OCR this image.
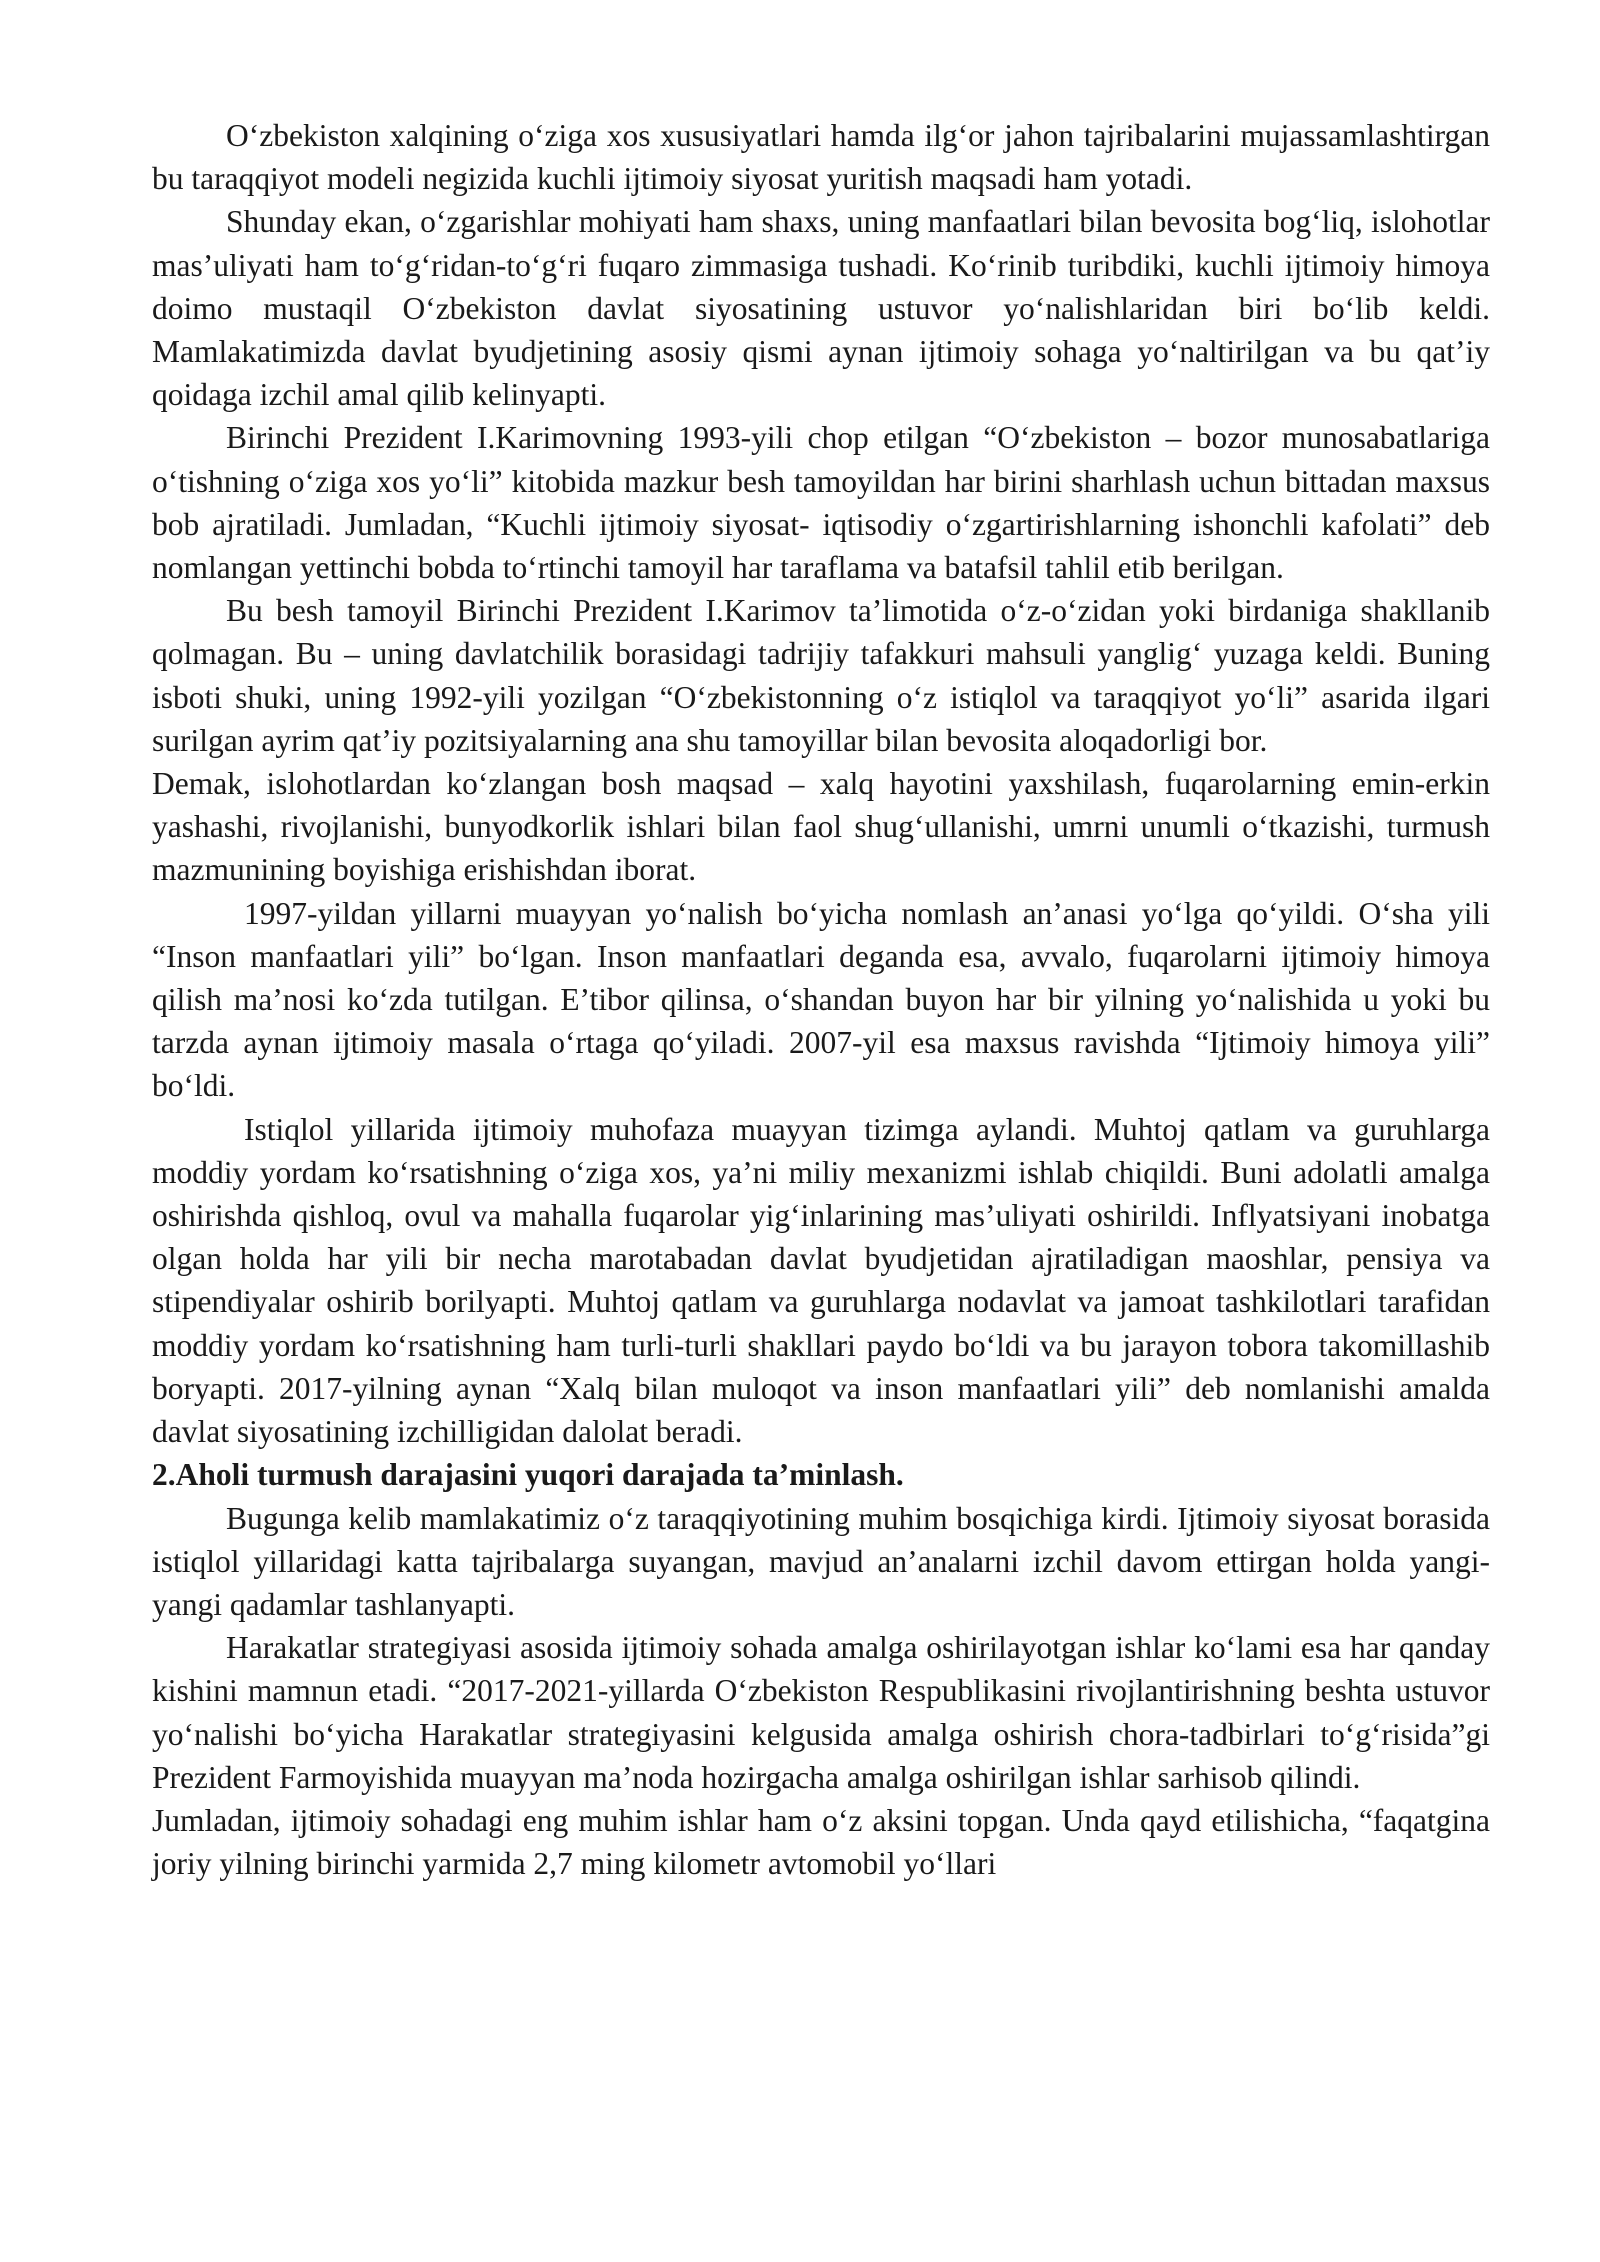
O‘zbekiston xalqining o‘ziga xos xususiyatlari hamda ilg‘or jahon tajribalarini mujassamlashtirgan bu taraqqiyot modeli negizida kuchli ijtimoiy siyosat yuritish maqsadi ham yotadi.

Shunday ekan, o‘zgarishlar mohiyati ham shaxs, uning manfaatlari bilan bevosita bog‘liq, islohotlar mas’uliyati ham to‘g‘ridan-to‘g‘ri fuqaro zimmasiga tushadi. Ko‘rinib turibdiki, kuchli ijtimoiy himoya doimo mustaqil O‘zbekiston davlat siyosatining ustuvor yo‘nalishlaridan biri bo‘lib keldi. Mamlakatimizda davlat byudjetining asosiy qismi aynan ijtimoiy sohaga yo‘naltirilgan va bu qat’iy qoidaga izchil amal qilib kelinyapti.

Birinchi Prezident I.Karimovning 1993-yili chop etilgan “O‘zbekiston – bozor munosabatlariga o‘tishning o‘ziga xos yo‘li” kitobida mazkur besh tamoyildan har birini sharhlash uchun bittadan maxsus bob ajratiladi. Jumladan, “Kuchli ijtimoiy siyosat- iqtisodiy o‘zgartirishlarning ishonchli kafolati” deb nomlangan yettinchi bobda to‘rtinchi tamoyil har taraflama va batafsil tahlil etib berilgan.

Bu besh tamoyil Birinchi Prezident I.Karimov ta’limotida o‘z-o‘zidan yoki birdaniga shakllanib qolmagan. Bu – uning davlatchilik borasidagi tadrijiy tafakkuri mahsuli yanglig‘ yuzaga keldi. Buning isboti shuki, uning 1992-yili yozilgan “O‘zbekistonning o‘z istiqlol va taraqqiyot yo‘li” asarida ilgari surilgan ayrim qat’iy pozitsiyalarning ana shu tamoyillar bilan bevosita aloqadorligi bor.

Demak, islohotlardan ko‘zlangan bosh maqsad – xalq hayotini yaxshilash, fuqarolarning emin-erkin yashashi, rivojlanishi, bunyodkorlik ishlari bilan faol shug‘ullanishi, umrni unumli o‘tkazishi, turmush mazmunining boyishiga erishishdan iborat.

1997-yildan yillarni muayyan yo‘nalish bo‘yicha nomlash an’anasi yo‘lga qo‘yildi. O‘sha yili “Inson manfaatlari yili” bo‘lgan. Inson manfaatlari deganda esa, avvalo, fuqarolarni ijtimoiy himoya qilish ma’nosi ko‘zda tutilgan. E’tibor qilinsa, o‘shandan buyon har bir yilning yo‘nalishida u yoki bu tarzda aynan ijtimoiy masala o‘rtaga qo‘yiladi. 2007-yil esa maxsus ravishda “Ijtimoiy himoya yili” bo‘ldi.

Istiqlol yillarida ijtimoiy muhofaza muayyan tizimga aylandi. Muhtoj qatlam va guruhlarga moddiy yordam ko‘rsatishning o‘ziga xos, ya’ni miliy mexanizmi ishlab chiqildi. Buni adolatli amalga oshirishda qishloq, ovul va mahalla fuqarolar yig‘inlarining mas’uliyati oshirildi. Inflyatsiyani inobatga olgan holda har yili bir necha marotabadan davlat byudjetidan ajratiladigan maoshlar, pensiya va stipendiyalar oshirib borilyapti. Muhtoj qatlam va guruhlarga nodavlat va jamoat tashkilotlari tarafidan moddiy yordam ko‘rsatishning ham turli-turli shakllari paydo bo‘ldi va bu jarayon tobora takomillashib boryapti. 2017-yilning aynan “Xalq bilan muloqot va inson manfaatlari yili” deb nomlanishi amalda davlat siyosatining izchilligidan dalolat beradi.

2.Aholi turmush darajasini yuqori darajada ta’minlash.

Bugunga kelib mamlakatimiz o‘z taraqqiyotining muhim bosqichiga kirdi. Ijtimoiy siyosat borasida istiqlol yillaridagi katta tajribalarga suyangan, mavjud an’analarni izchil davom ettirgan holda yangi-yangi qadamlar tashlanyapti.

Harakatlar strategiyasi asosida ijtimoiy sohada amalga oshirilayotgan ishlar ko‘lami esa har qanday kishini mamnun etadi. “2017-2021-yillarda O‘zbekiston Respublikasini rivojlantirishning beshta ustuvor yo‘nalishi bo‘yicha Harakatlar strategiyasini kelgusida amalga oshirish chora-tadbirlari to‘g‘risida”gi Prezident Farmoyishida muayyan ma’noda hozirgacha amalga oshirilgan ishlar sarhisob qilindi.

Jumladan, ijtimoiy sohadagi eng muhim ishlar ham o‘z aksini topgan. Unda qayd etilishicha, “faqatgina joriy yilning birinchi yarmida 2,7 ming kilometr avtomobil yo‘llari
